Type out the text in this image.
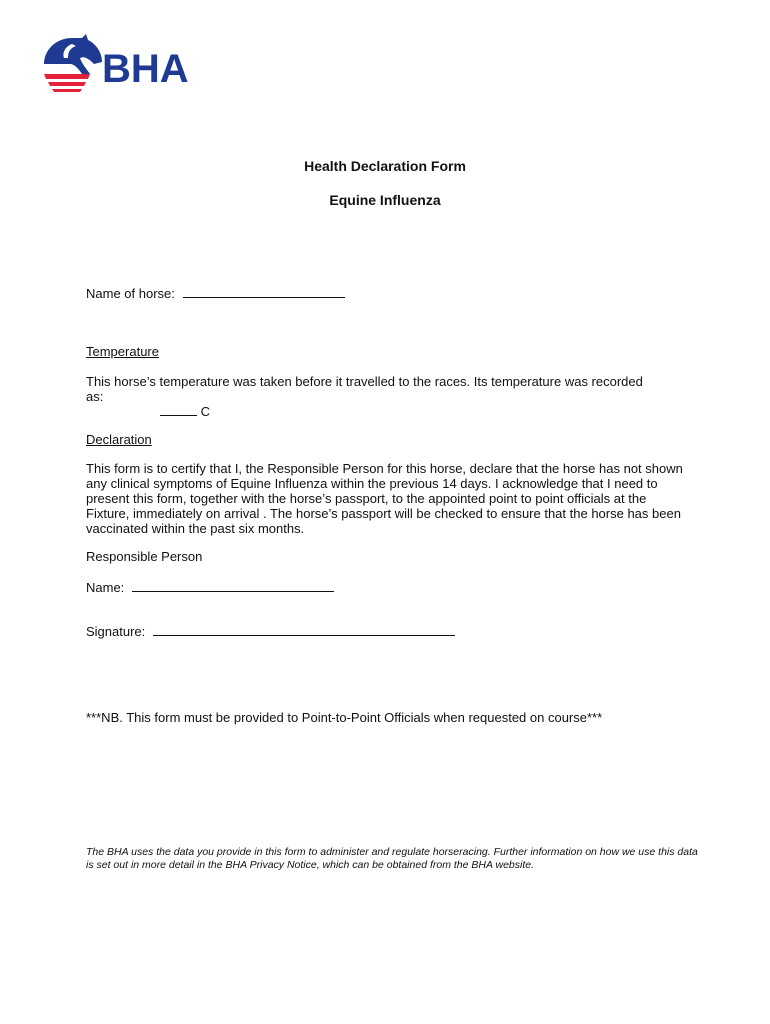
BHA
Health Declaration Form
Equine Influenza
Name of horse:
Temperature
This horse’s temperature was taken before it travelled to the races. Its temperature was recorded
as:
C
Declaration
This form is to certify that I, the Responsible Person for this horse, declare that the horse has not shown any clinical symptoms of Equine Influenza within the previous 14 days. I acknowledge that I need to present this form, together with the horse’s passport, to the appointed point to point officials at the Fixture, immediately on arrival . The horse’s passport will be checked to ensure that the horse has been vaccinated within the past six months.
Responsible Person
Name:
Signature:
***NB. This form must be provided to Point-to-Point Officials when requested on course***
The BHA uses the data you provide in this form to administer and regulate horseracing. Further information on how we use this data is set out in more detail in the BHA Privacy Notice, which can be obtained from the BHA website.
